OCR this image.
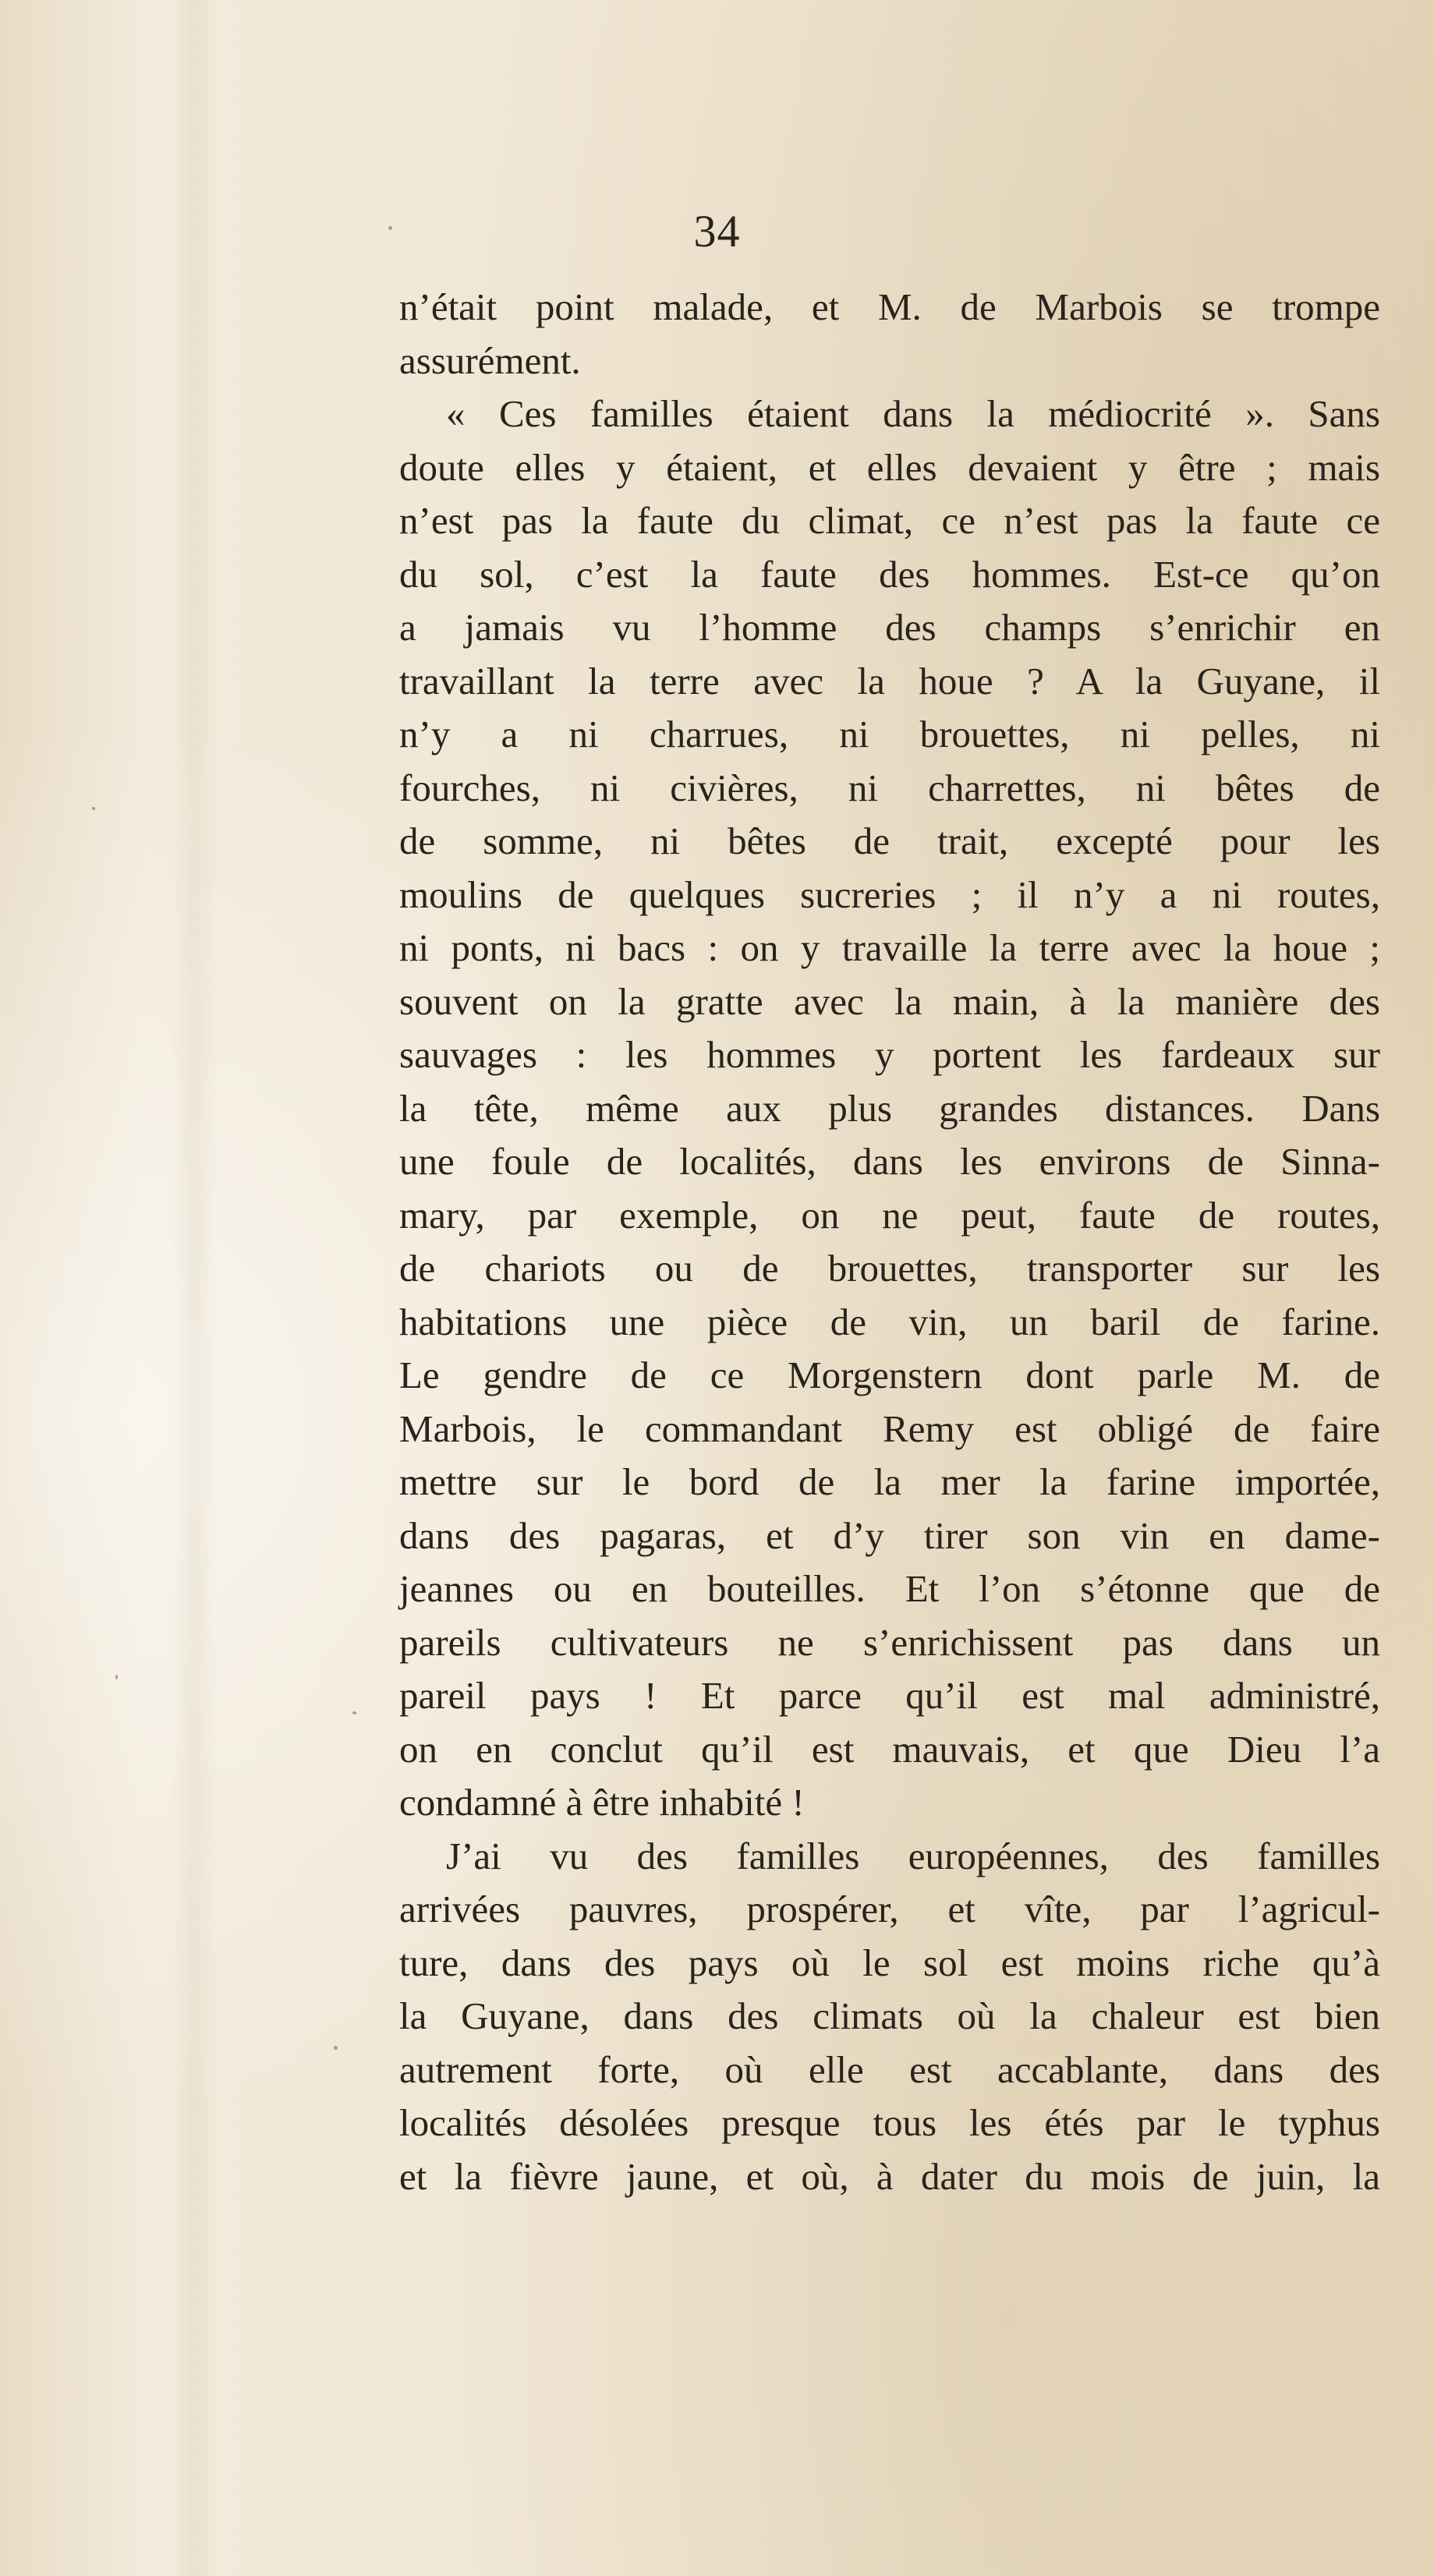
34
n’était point malade, et M. de Marbois se trompe
assurément.
« Ces familles étaient dans la médiocrité ». Sans
doute elles y étaient, et elles devaient y être ; mais
n’est pas la faute du climat, ce n’est pas la faute ce
du sol, c’est la faute des hommes. Est-ce qu’on
a jamais vu l’homme des champs s’enrichir en
travaillant la terre avec la houe ? A la Guyane, il
n’y a ni charrues, ni brouettes, ni pelles, ni
fourches, ni civières, ni charrettes, ni bêtes de
de somme, ni bêtes de trait, excepté pour les
moulins de quelques sucreries ; il n’y a ni routes,
ni ponts, ni bacs : on y travaille la terre avec la houe ;
souvent on la gratte avec la main, à la manière des
sauvages : les hommes y portent les fardeaux sur
la tête, même aux plus grandes distances. Dans
une foule de localités, dans les environs de Sinna-
mary, par exemple, on ne peut, faute de routes,
de chariots ou de brouettes, transporter sur les
habitations une pièce de vin, un baril de farine.
Le gendre de ce Morgenstern dont parle M. de
Marbois, le commandant Remy est obligé de faire
mettre sur le bord de la mer la farine importée,
dans des pagaras, et d’y tirer son vin en dame-
jeannes ou en bouteilles. Et l’on s’étonne que de
pareils cultivateurs ne s’enrichissent pas dans un
pareil pays ! Et parce qu’il est mal administré,
on en conclut qu’il est mauvais, et que Dieu l’a
condamné à être inhabité !
J’ai vu des familles européennes, des familles
arrivées pauvres, prospérer, et vîte, par l’agricul-
ture, dans des pays où le sol est moins riche qu’à
la Guyane, dans des climats où la chaleur est bien
autrement forte, où elle est accablante, dans des
localités désolées presque tous les étés par le typhus
et la fièvre jaune, et où, à dater du mois de juin, la
